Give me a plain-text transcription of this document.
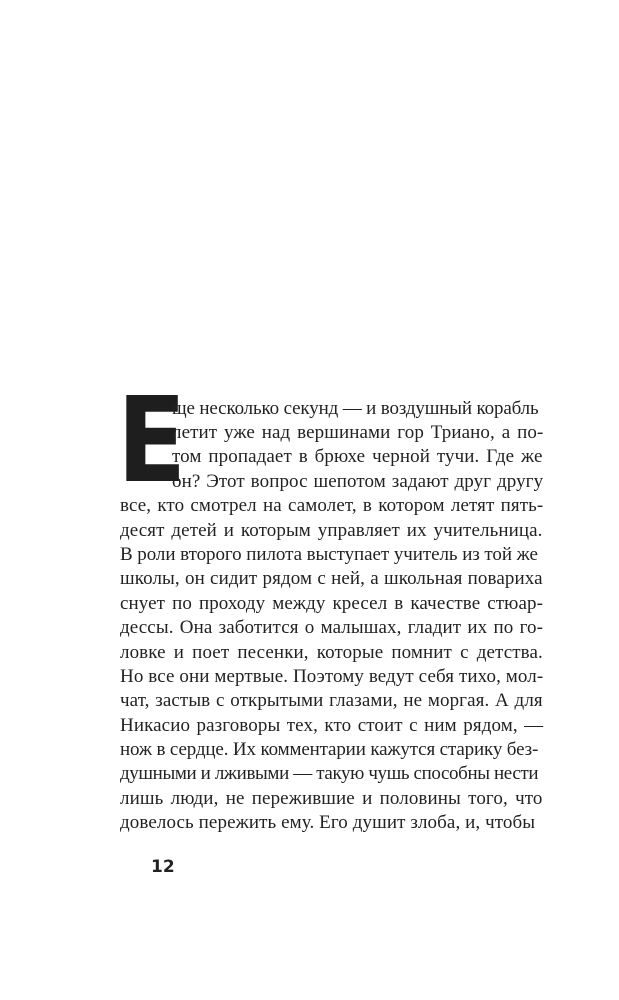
Е
ще несколько секунд — и воздушный корабль
летит уже над вершинами гор Триано, а по-
том пропадает в брюхе черной тучи. Где же
он? Этот вопрос шепотом задают друг другу
все, кто смотрел на самолет, в котором летят пять-
десят детей и которым управляет их учительница.
В роли второго пилота выступает учитель из той же
школы, он сидит рядом с ней, а школьная повариха
снует по проходу между кресел в качестве стюар-
дессы. Она заботится о малышах, гладит их по го-
ловке и поет песенки, которые помнит с детства.
Но все они мертвые. Поэтому ведут себя тихо, мол-
чат, застыв с открытыми глазами, не моргая. А для
Никасио разговоры тех, кто стоит с ним рядом, —
нож в сердце. Их комментарии кажутся старику без-
душными и лживыми — такую чушь способны нести
лишь люди, не пережившие и половины того, что
довелось пережить ему. Его душит злоба, и, чтобы
12
